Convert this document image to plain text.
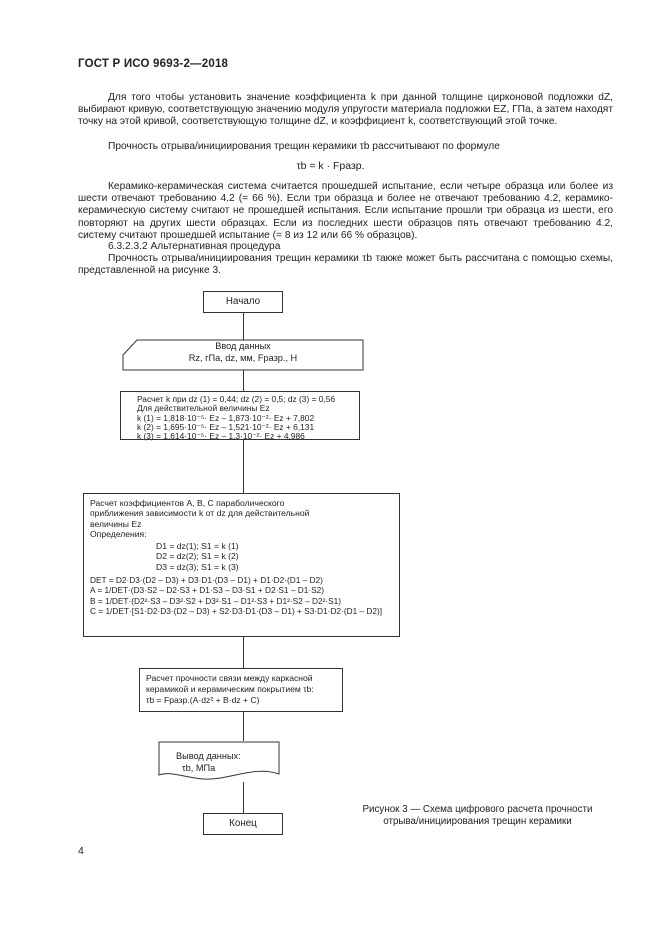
ГОСТ Р ИСО 9693-2—2018
Для того чтобы установить значение коэффициента k при данной толщине цирконовой подложки dZ, выбирают кривую, соответствующую значению модуля упругости материала подложки EZ, ГПа, а затем находят точку на этой кривой, соответствующую толщине dZ, и коэффициент k, соответствующий этой точке.
Прочность отрыва/инициирования трещин керамики τb рассчитывают по формуле
τb = k · Fразр.
Керамико-керамическая система считается прошедшей испытание, если четыре образца или более из шести отвечают требованию 4.2 (= 66 %). Если три образца и более не отвечают требованию 4.2, керамико-керамическую систему считают не прошедшей испытания. Если испытание прошли три образца из шести, его повторяют на других шести образцах. Если из последних шести образцов пять отвечают требованию 4.2, систему считают прошедшей испытание (= 8 из 12 или 66 % образцов).
6.3.2.3.2 Альтернативная процедура
Прочность отрыва/инициирования трещин керамики τb также может быть рассчитана с помощью схемы, представленной на рисунке 3.
Начало
Ввод данных
Rz, гПа, dz, мм, Fразр., Н
Расчет k при dz (1) = 0,44; dz (2) = 0,5; dz (3) = 0,56
Для действительной величины Ez
k (1) = 1,818·10⁻⁵· Ez – 1,873·10⁻²· Ez + 7,802
k (2) = 1,695·10⁻⁵· Ez – 1,521·10⁻²· Ez + 6,131
k (3) = 1,614·10⁻⁵· Ez – 1,3·10⁻²· Ez + 4,986
Расчет коэффициентов А, В, С параболического
приближения зависимости k от dz для действительной
величины Ez
Определения:
D1 = dz(1); S1 = k (1)
D2 = dz(2); S1 = k (2)
D3 = dz(3); S1 = k (3)
DET = D2·D3·(D2 – D3) + D3·D1·(D3 – D1) + D1·D2·(D1 – D2)
A = 1/DET·(D3·S2 – D2·S3 + D1·S3 – D3·S1 + D2·S1 – D1·S2)
B = 1/DET·(D2²·S3 – D3²·S2 + D3²·S1 – D1²·S3 + D1²·S2 – D2²·S1)
C = 1/DET·[S1·D2·D3·(D2 – D3) + S2·D3·D1·(D3 – D1) + S3·D1·D2·(D1 – D2)]
Расчет прочности связи между каркасной
керамикой и керамическим покрытием τb:
τb = Fразр.(A·dz² + B·dz + C)
Вывод данных:
τb, МПа
Конец
Рисунок 3 — Схема цифрового расчета прочности отрыва/инициирования трещин керамики
4
